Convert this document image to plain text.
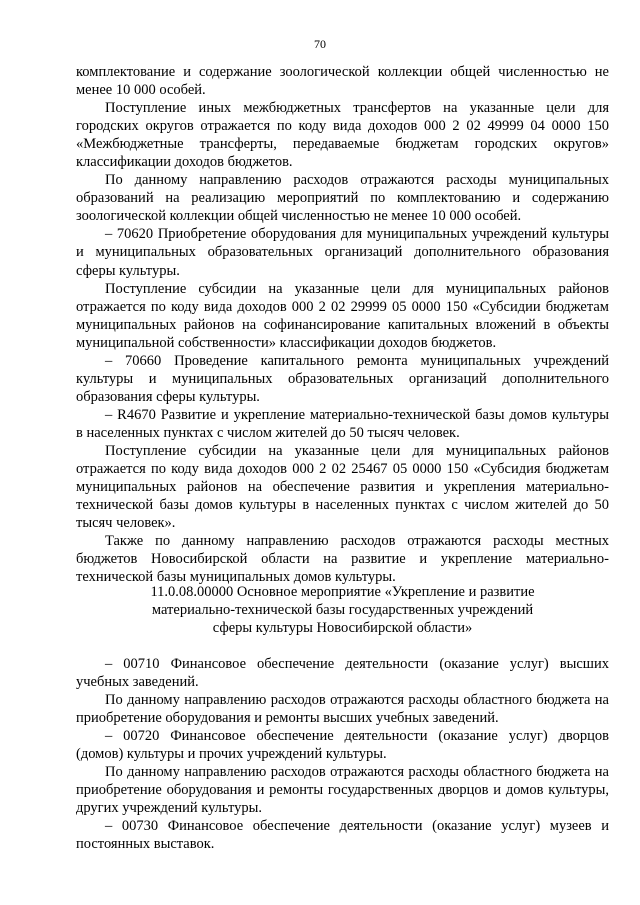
70

комплектование и содержание зоологической коллекции общей численностью не менее 10 000 особей.

Поступление иных межбюджетных трансфертов на указанные цели для городских округов отражается по коду вида доходов 000 2 02 49999 04 0000 150 «Межбюджетные трансферты, передаваемые бюджетам городских округов» классификации доходов бюджетов.

По данному направлению расходов отражаются расходы муниципальных образований на реализацию мероприятий по комплектованию и содержанию зоологической коллекции общей численностью не менее 10 000 особей.

– 70620 Приобретение оборудования для муниципальных учреждений культуры и муниципальных образовательных организаций дополнительного образования сферы культуры.

Поступление субсидии на указанные цели для муниципальных районов отражается по коду вида доходов 000 2 02 29999 05 0000 150 «Субсидии бюджетам муниципальных районов на софинансирование капитальных вложений в объекты муниципальной собственности» классификации доходов бюджетов.

– 70660 Проведение капитального ремонта муниципальных учреждений культуры и муниципальных образовательных организаций дополнительного образования сферы культуры.

– R4670 Развитие и укрепление материально-технической базы домов культуры в населенных пунктах с числом жителей до 50 тысяч человек.

Поступление субсидии на указанные цели для муниципальных районов отражается по коду вида доходов 000 2 02 25467 05 0000 150 «Субсидия бюджетам муниципальных районов на обеспечение развития и укрепления материально-технической базы домов культуры в населенных пунктах с числом жителей до 50 тысяч человек».

Также по данному направлению расходов отражаются расходы местных бюджетов Новосибирской области на развитие и укрепление материально-технической базы муниципальных домов культуры.

11.0.08.00000 Основное мероприятие «Укрепление и развитие
материально-технической базы государственных учреждений
сферы культуры Новосибирской области»

– 00710 Финансовое обеспечение деятельности (оказание услуг) высших учебных заведений.

По данному направлению расходов отражаются расходы областного бюджета на приобретение оборудования и ремонты высших учебных заведений.

– 00720 Финансовое обеспечение деятельности (оказание услуг) дворцов (домов) культуры и прочих учреждений культуры.

По данному направлению расходов отражаются расходы областного бюджета на приобретение оборудования и ремонты государственных дворцов и домов культуры, других учреждений культуры.

– 00730 Финансовое обеспечение деятельности (оказание услуг) музеев и постоянных выставок.
